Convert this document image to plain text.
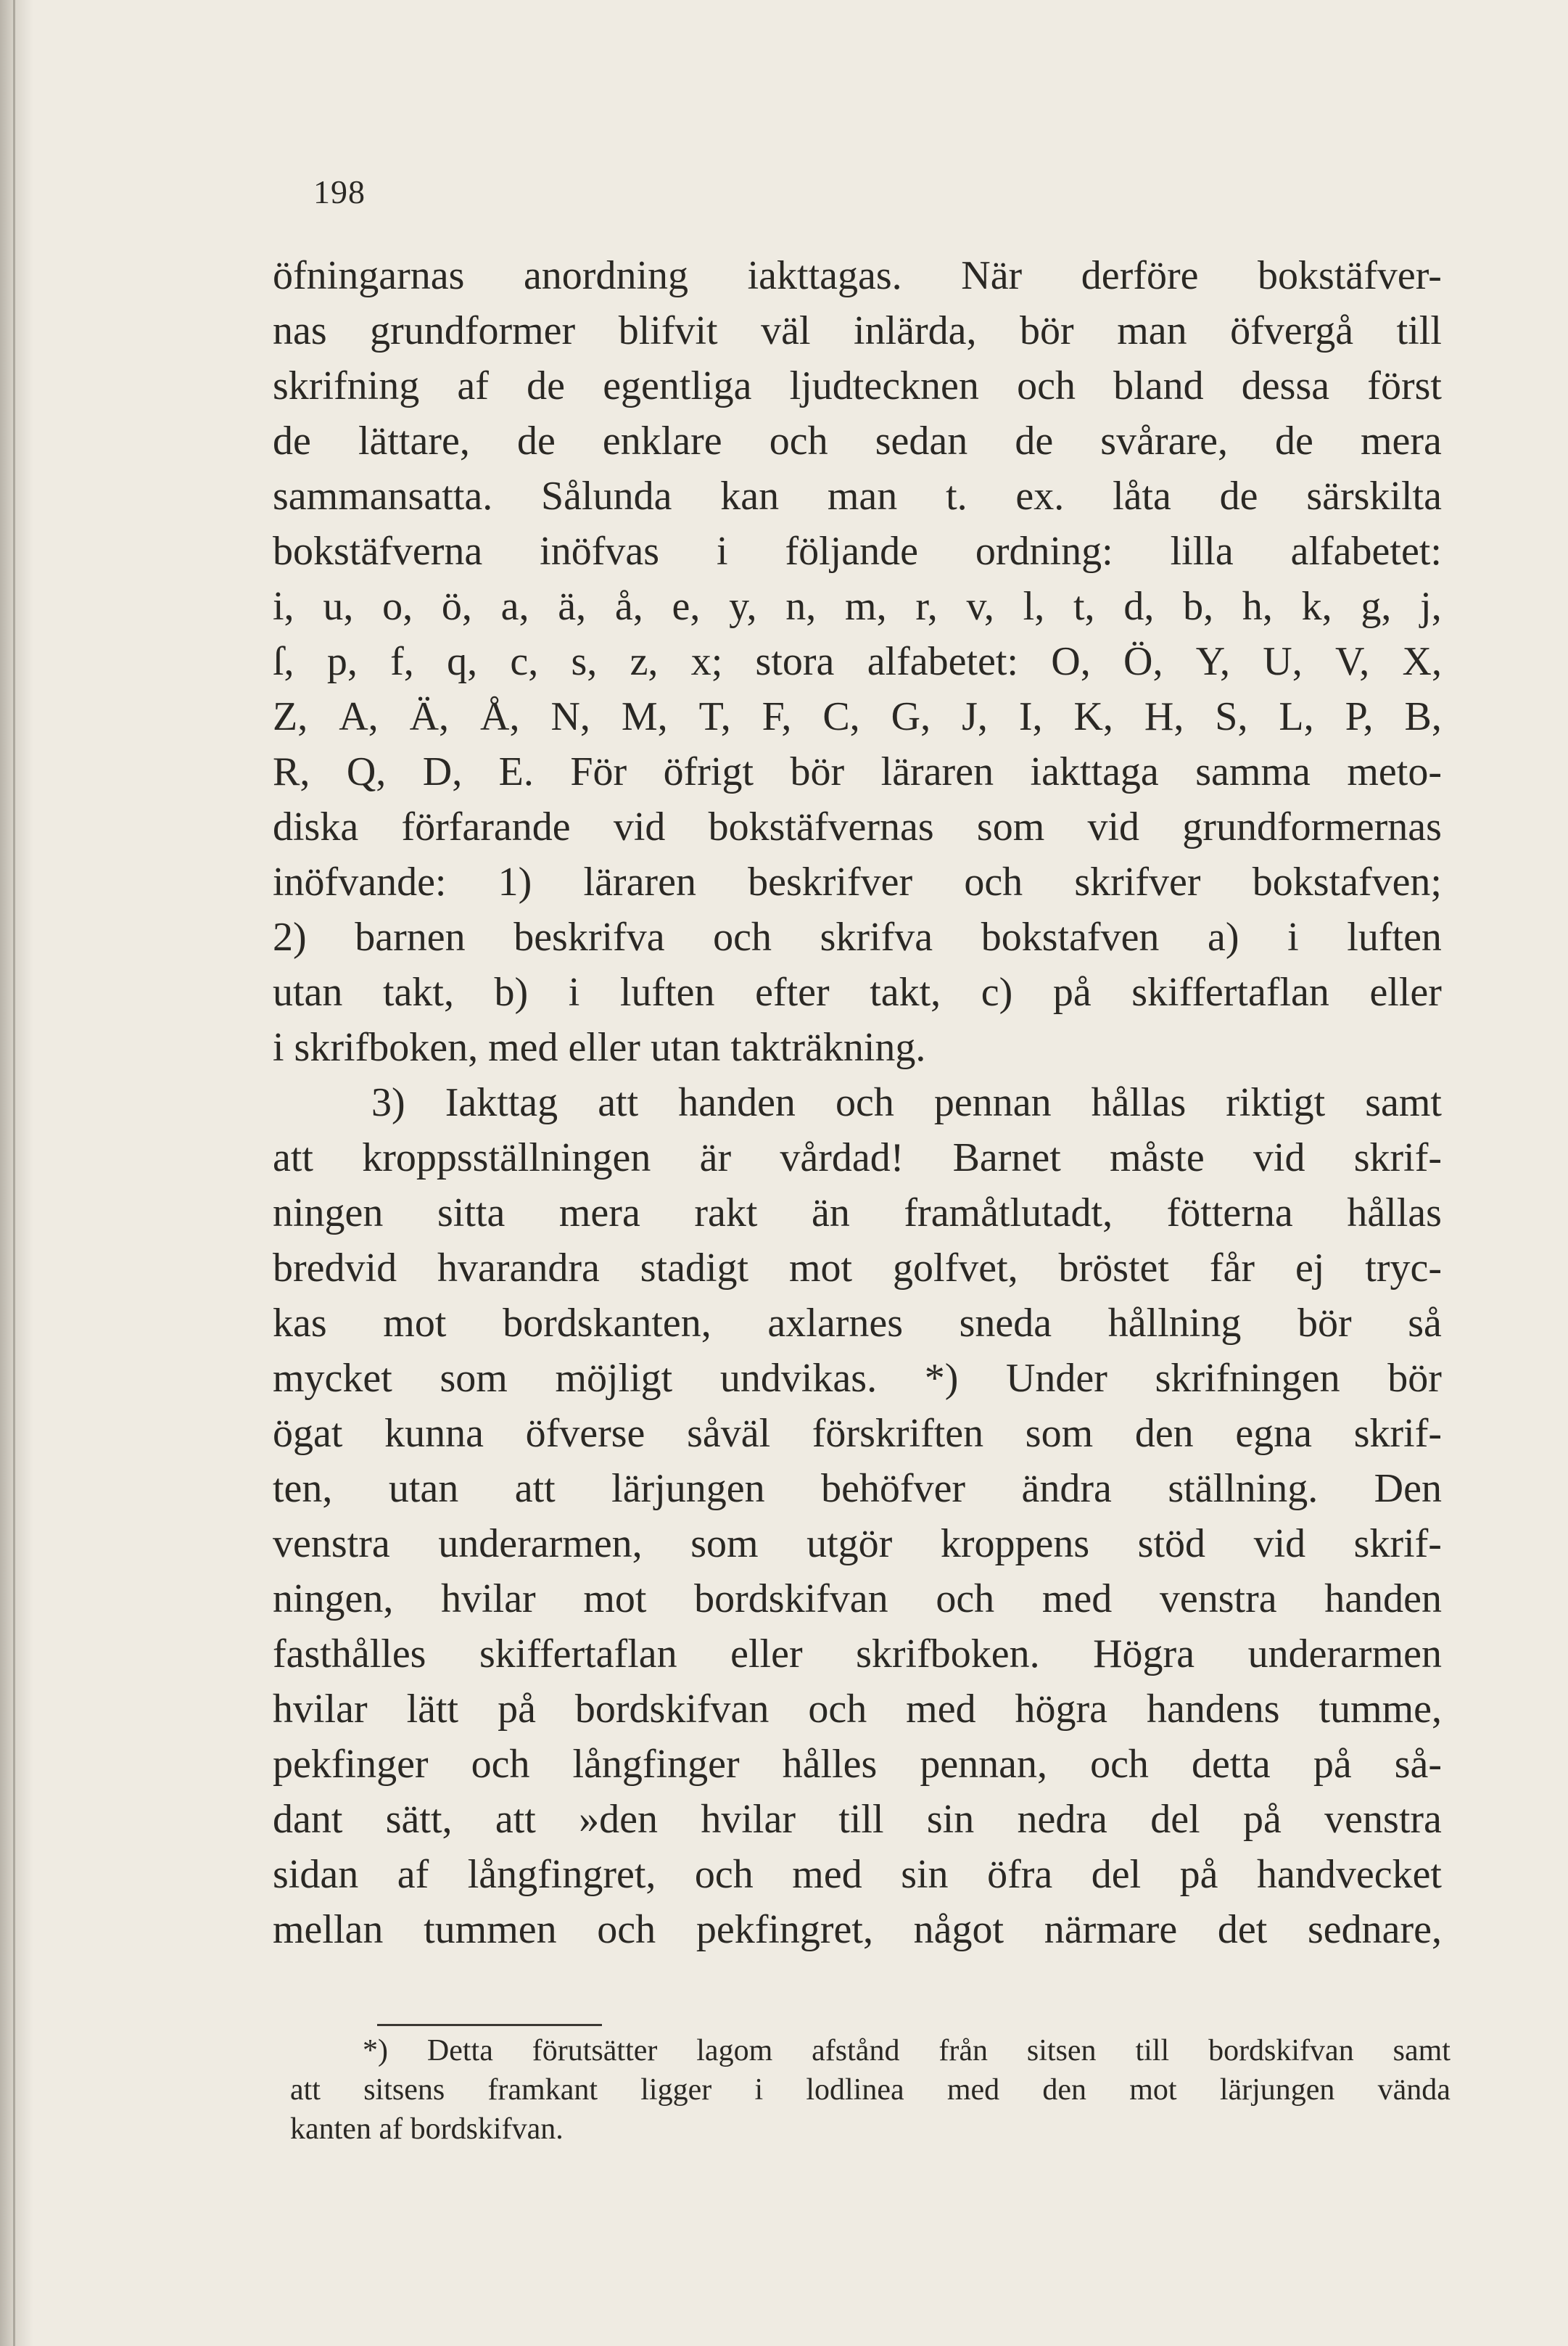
198
öfningarnas anordning iakttagas. När derföre bokstäfver-
nas grundformer blifvit väl inlärda, bör man öfvergå till
skrifning af de egentliga ljudtecknen och bland dessa först
de lättare, de enklare och sedan de svårare, de mera
sammansatta. Sålunda kan man t. ex. låta de särskilta
bokstäfverna inöfvas i följande ordning: lilla alfabetet:
i, u, o, ö, a, ä, å, e, y, n, m, r, v, l, t, d, b, h, k, g, j,
ſ, p, f, q, c, s, z, x; stora alfabetet: O, Ö, Y, U, V, X,
Z, A, Ä, Å, N, M, T, F, C, G, J, I, K, H, S, L, P, B,
R, Q, D, E. För öfrigt bör läraren iakttaga samma meto-
diska förfarande vid bokstäfvernas som vid grundformernas
inöfvande: 1) läraren beskrifver och skrifver bokstafven;
2) barnen beskrifva och skrifva bokstafven a) i luften
utan takt, b) i luften efter takt, c) på skiffertaflan eller
i skrifboken, med eller utan takträkning.
3) Iakttag att handen och pennan hållas riktigt samt
att kroppsställningen är vårdad! Barnet måste vid skrif-
ningen sitta mera rakt än framåtlutadt, fötterna hållas
bredvid hvarandra stadigt mot golfvet, bröstet får ej tryc-
kas mot bordskanten, axlarnes sneda hållning bör så
mycket som möjligt undvikas. *) Under skrifningen bör
ögat kunna öfverse såväl förskriften som den egna skrif-
ten, utan att lärjungen behöfver ändra ställning. Den
venstra underarmen, som utgör kroppens stöd vid skrif-
ningen, hvilar mot bordskifvan och med venstra handen
fasthålles skiffertaflan eller skrifboken. Högra underarmen
hvilar lätt på bordskifvan och med högra handens tumme,
pekfinger och långfinger hålles pennan, och detta på så-
dant sätt, att »den hvilar till sin nedra del på venstra
sidan af långfingret, och med sin öfra del på handvecket
mellan tummen och pekfingret, något närmare det sednare,
*) Detta förutsätter lagom afstånd från sitsen till bordskifvan samt
att sitsens framkant ligger i lodlinea med den mot lärjungen vända
kanten af bordskifvan.
